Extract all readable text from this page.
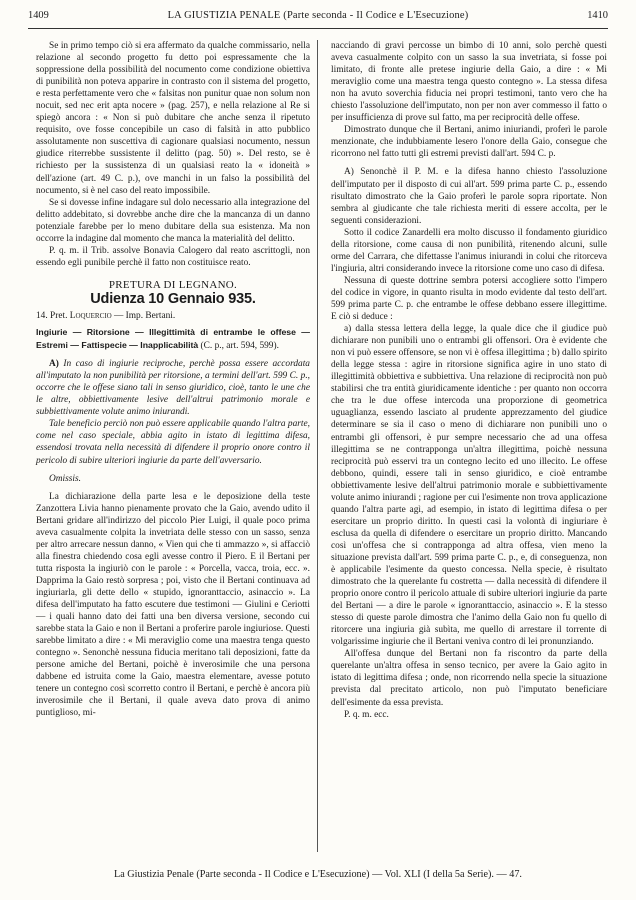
1409	LA GIUSTIZIA PENALE (Parte seconda - Il Codice e L'Esecuzione)	1410

Se in primo tempo ciò si era affermato da qualche commissario, nella relazione al secondo progetto fu detto poi espressamente che la soppressione della possibilità del nocumento come condizione obiettiva di punibilità non poteva apparire in contrasto con il sistema del progetto, e resta perfettamente vero che « falsitas non punitur quae non solum non nocuit, sed nec erit apta nocere » (pag. 257), e nella relazione al Re si spiegò ancora : « Non si può dubitare che anche senza il ripetuto requisito, ove fosse concepibile un caso di falsità in atto pubblico assolutamente non suscettiva di cagionare qualsiasi nocumento, nessun giudice riterrebbe sussistente il delitto (pag. 50) ». Del resto, se è richiesto per la sussistenza di un qualsiasi reato la « idoneità » dell'azione (art. 49 C. p.), ove manchi in un falso la possibilità del nocumento, si è nel caso del reato impossibile.

Se si dovesse infine indagare sul dolo necessario alla integrazione del delitto addebitato, si dovrebbe anche dire che la mancanza di un danno potenziale farebbe per lo meno dubitare della sua esistenza. Ma non occorre la indagine dal momento che manca la materialità del delitto.

P. q. m. il Trib. assolve Bonavia Calogero dal reato ascrittogli, non essendo egli punibile perchè il fatto non costituisce reato.

PRETURA DI LEGNANO.

Udienza 10 Gennaio 935.

14. Pret. Loquercio — Imp. Bertani.

Ingiurie — Ritorsione — Illegittimità di entrambe le offese — Estremi — Fattispecie — Inapplicabilità (C. p., art. 594, 599).

A) In caso di ingiurie reciproche, perchè possa essere accordata all'imputato la non punibilità per ritorsione, a termini dell'art. 599 C. p., occorre che le offese siano tali in senso giuridico, cioè, tanto le une che le altre, obbiettivamente lesive dell'altrui patrimonio morale e subbiettivamente volute animo iniurandi.

Tale beneficio perciò non può essere applicabile quando l'altra parte, come nel caso speciale, abbia agito in istato di legittima difesa, essendosi trovata nella necessità di difendere il proprio onore contro il pericolo di subire ulteriori ingiurie da parte dell'avversario.

Omissis.

La dichiarazione della parte lesa e le deposizione della teste Zanzottera Livia hanno pienamente provato che la Gaio, avendo udito il Bertani gridare all'indirizzo del piccolo Pier Luigi, il quale poco prima aveva casualmente colpita la invetriata delle stesso con un sasso, senza per altro arrecare nessun danno, « Vien qui che ti ammazzo », si affacciò alla finestra chiedendo cosa egli avesse contro il Piero. E il Bertani per tutta risposta la ingiuriò con le parole : « Porcella, vacca, troia, ecc. ». Dapprima la Gaio restò sorpresa ; poi, visto che il Bertani continuava ad ingiuriarla, gli dette dello « stupido, ignoranttaccio, asinaccio ». La difesa dell'imputato ha fatto escutere due testimoni — Giulini e Ceriotti — i quali hanno dato dei fatti una ben diversa versione, secondo cui sarebbe stata la Gaio e non il Bertani a proferire parole ingiuriose. Questi sarebbe limitato a dire : « Mi meraviglio come una maestra tenga questo contegno ». Senonchè nessuna fiducia meritano tali deposizioni, fatte da persone amiche del Bertani, poichè è inverosimile che una persona dabbene ed istruita come la Gaio, maestra elementare, avesse potuto tenere un contegno così scorretto contro il Bertani, e perchè è ancora più inverosimile che il Bertani, il quale aveva dato prova di animo puntiglioso, mi-

nacciando di gravi percosse un bimbo di 10 anni, solo perchè questi aveva casualmente colpito con un sasso la sua invetriata, si fosse poi limitato, di fronte alle pretese ingiurie della Gaio, a dire : « Mi meraviglio come una maestra tenga questo contegno ». La stessa difesa non ha avuto soverchia fiducia nei propri testimoni, tanto vero che ha chiesto l'assoluzione dell'imputato, non per non aver commesso il fatto o per insufficienza di prove sul fatto, ma per reciprocità delle offese.

Dimostrato dunque che il Bertani, animo iniuriandi, proferì le parole menzionate, che indubbiamente lesero l'onore della Gaio, consegue che ricorrono nel fatto tutti gli estremi previsti dall'art. 594 C. p.

A) Senonchè il P. M. e la difesa hanno chiesto l'assoluzione dell'imputato per il disposto di cui all'art. 599 prima parte C. p., essendo risultato dimostrato che la Gaio proferì le parole sopra riportate. Non sembra al giudicante che tale richiesta meriti di essere accolta, per le seguenti considerazioni.

Sotto il codice Zanardelli era molto discusso il fondamento giuridico della ritorsione, come causa di non punibilità, ritenendo alcuni, sulle orme del Carrara, che difettasse l'animus iniurandi in colui che ritorceva l'ingiuria, altri considerando invece la ritorsione come uno caso di difesa.

Nessuna di queste dottrine sembra potersi accogliere sotto l'impero del codice in vigore, in quanto risulta in modo evidente dal testo dell'art. 599 prima parte C. p. che entrambe le offese debbano essere illegittime. E ciò si deduce :

a) dalla stessa lettera della legge, la quale dice che il giudice può dichiarare non punibili uno o entrambi gli offensori. Ora è evidente che non vi può essere offensore, se non vi è offesa illegittima ; b) dallo spirito della legge stessa : agire in ritorsione significa agire in uno stato di illegittimità obbiettiva e subbiettiva. Una relazione di reciprocità non può stabilirsi che tra entità giuridicamente identiche : per quanto non occorra che tra le due offese intercoda una proporzione di geometrica uguaglianza, essendo lasciato al prudente apprezzamento del giudice determinare se sia il caso o meno di dichiarare non punibili uno o entrambi gli offensori, è pur sempre necessario che ad una offesa illegittima se ne contrapponga un'altra illegittima, poichè nessuna reciprocità può esservi tra un contegno lecito ed uno illecito. Le offese debbono, quindi, essere tali in senso giuridico, e cioè entrambe obbiettivamente lesive dell'altrui patrimonio morale e subbiettivamente volute animo iniurandi ; ragione per cui l'esimente non trova applicazione quando l'altra parte agì, ad esempio, in istato di legittima difesa o per esercitare un proprio diritto. In questi casi la volontà di ingiuriare è esclusa da quella di difendere o esercitare un proprio diritto. Mancando così un'offesa che si contrapponga ad altra offesa, vien meno la situazione prevista dall'art. 599 prima parte C. p., e, di conseguenza, non è applicabile l'esimente da questo concessa. Nella specie, è risultato dimostrato che la querelante fu costretta — dalla necessità di difendere il proprio onore contro il pericolo attuale di subire ulteriori ingiurie da parte del Bertani — a dire le parole « ignoranttaccio, asinaccio ». E la stesso stesso di queste parole dimostra che l'animo della Gaio non fu quello di ritorcere una ingiuria già subìta, me quello di arrestare il torrente di volgarissime ingiurie che il Bertani veniva contro di lei pronunziando.

All'offesa dunque del Bertani non fa riscontro da parte della querelante un'altra offesa in senso tecnico, per avere la Gaio agito in istato di legittima difesa ; onde, non ricorrendo nella specie la situazione prevista dal precitato articolo, non può l'imputato beneficiare dell'esimente da essa prevista.

P. q. m. ecc.

La Giustizia Penale (Parte seconda - Il Codice e L'Esecuzione) — Vol. XLI (I della 5a Serie). — 47.
